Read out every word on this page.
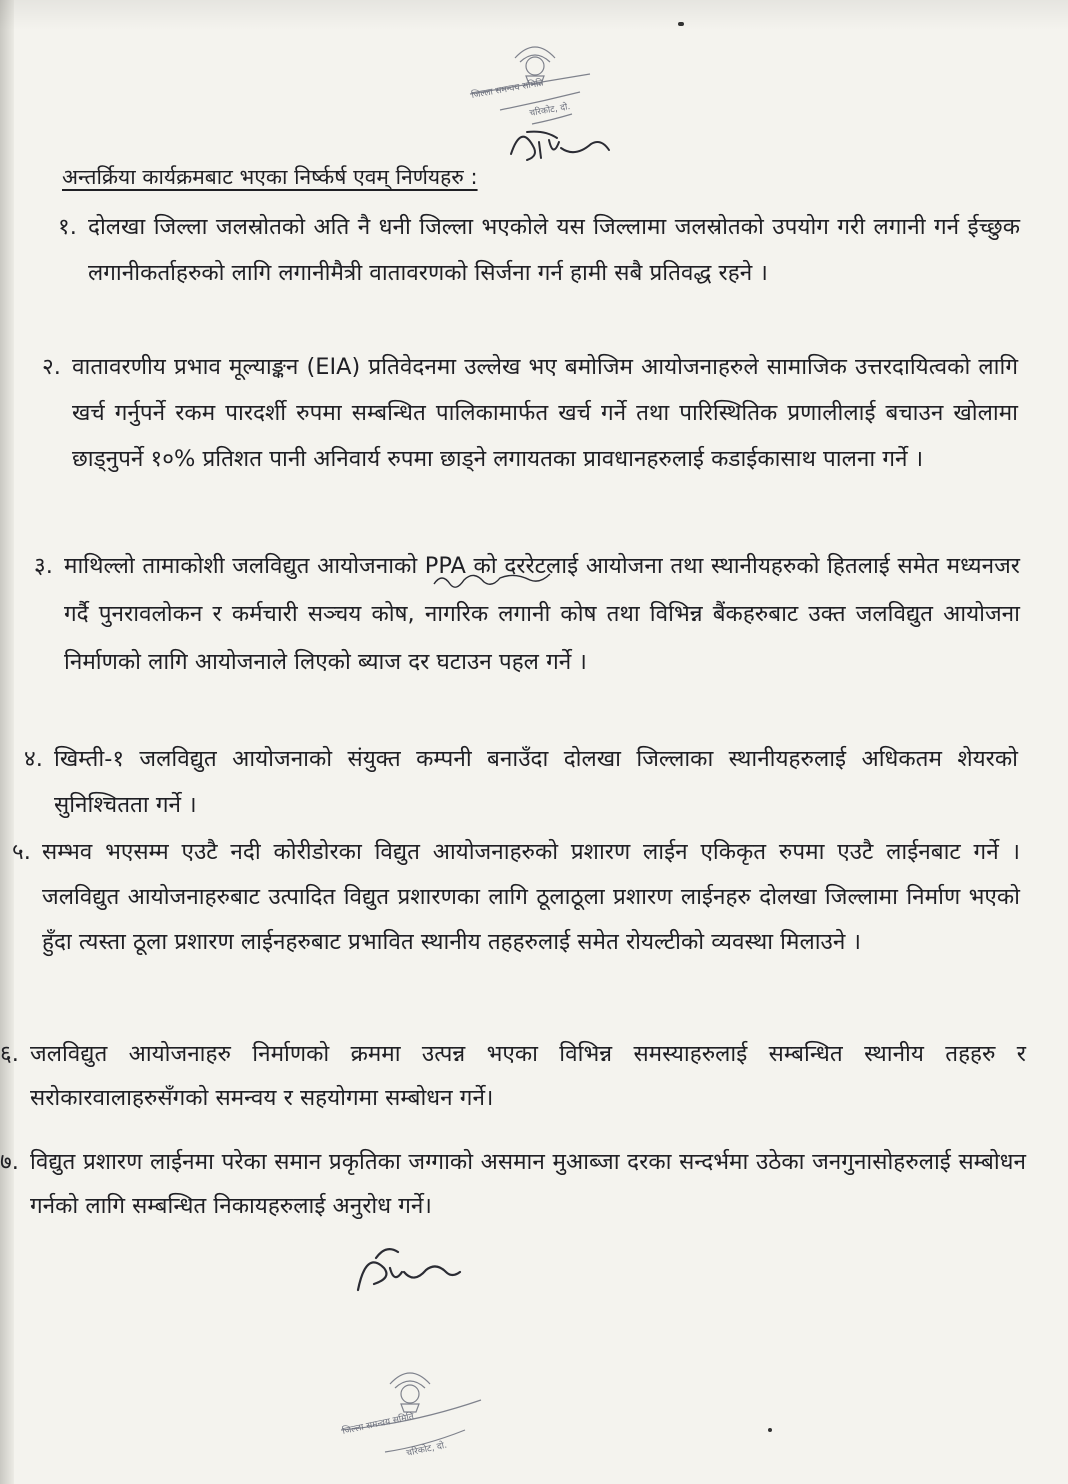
जिल्ला समन्वय समिति
चरिकोट, दो.
अन्तर्क्रिया कार्यक्रमबाट भएका निर्ष्कर्ष एवम् निर्णयहरु :
१. दोलखा जिल्ला जलस्रोतको अति नै धनी जिल्ला भएकोले यस जिल्लामा जलस्रोतको उपयोग गरी लगानी गर्न ईच्छुक लगानीकर्ताहरुको लागि लगानीमैत्री वातावरणको सिर्जना गर्न हामी सबै प्रतिवद्ध रहने ।
२. वातावरणीय प्रभाव मूल्याङ्कन (EIA) प्रतिवेदनमा उल्लेख भए बमोजिम आयोजनाहरुले सामाजिक उत्तरदायित्वको लागि खर्च गर्नुपर्ने रकम पारदर्शी रुपमा सम्बन्धित पालिकामार्फत खर्च गर्ने तथा पारिस्थितिक प्रणालीलाई बचाउन खोलामा छाड्नुपर्ने १०% प्रतिशत पानी अनिवार्य रुपमा छाड्ने लगायतका प्रावधानहरुलाई कडाईकासाथ पालना गर्ने ।
३. माथिल्लो तामाकोशी जलविद्युत आयोजनाको PPA को दररेटलाई आयोजना तथा स्थानीयहरुको हितलाई समेत मध्यनजर गर्दै पुनरावलोकन र कर्मचारी सञ्चय कोष, नागरिक लगानी कोष तथा विभिन्न बैंकहरुबाट उक्त जलविद्युत आयोजना निर्माणको लागि आयोजनाले लिएको ब्याज दर घटाउन पहल गर्ने ।
४. खिम्ती-१ जलविद्युत आयोजनाको संयुक्त कम्पनी बनाउँदा दोलखा जिल्लाका स्थानीयहरुलाई अधिकतम शेयरको सुनिश्चितता गर्ने ।
५. सम्भव भएसम्म एउटै नदी कोरीडोरका विद्युत आयोजनाहरुको प्रशारण लाईन एकिकृत रुपमा एउटै लाईनबाट गर्ने । जलविद्युत आयोजनाहरुबाट उत्पादित विद्युत प्रशारणका लागि ठूलाठूला प्रशारण लाईनहरु दोलखा जिल्लामा निर्माण भएको हुँदा त्यस्ता ठूला प्रशारण लाईनहरुबाट प्रभावित स्थानीय तहहरुलाई समेत रोयल्टीको व्यवस्था मिलाउने ।
६. जलविद्युत आयोजनाहरु निर्माणको क्रममा उत्पन्न भएका विभिन्न समस्याहरुलाई सम्बन्धित स्थानीय तहहरु र सरोकारवालाहरुसँगको समन्वय र सहयोगमा सम्बोधन गर्ने।
७. विद्युत प्रशारण लाईनमा परेका समान प्रकृतिका जग्गाको असमान मुआब्जा दरका सन्दर्भमा उठेका जनगुनासोहरुलाई सम्बोधन गर्नको लागि सम्बन्धित निकायहरुलाई अनुरोध गर्ने।
जिल्ला समन्वय समिति
चरिकोट, दो.
